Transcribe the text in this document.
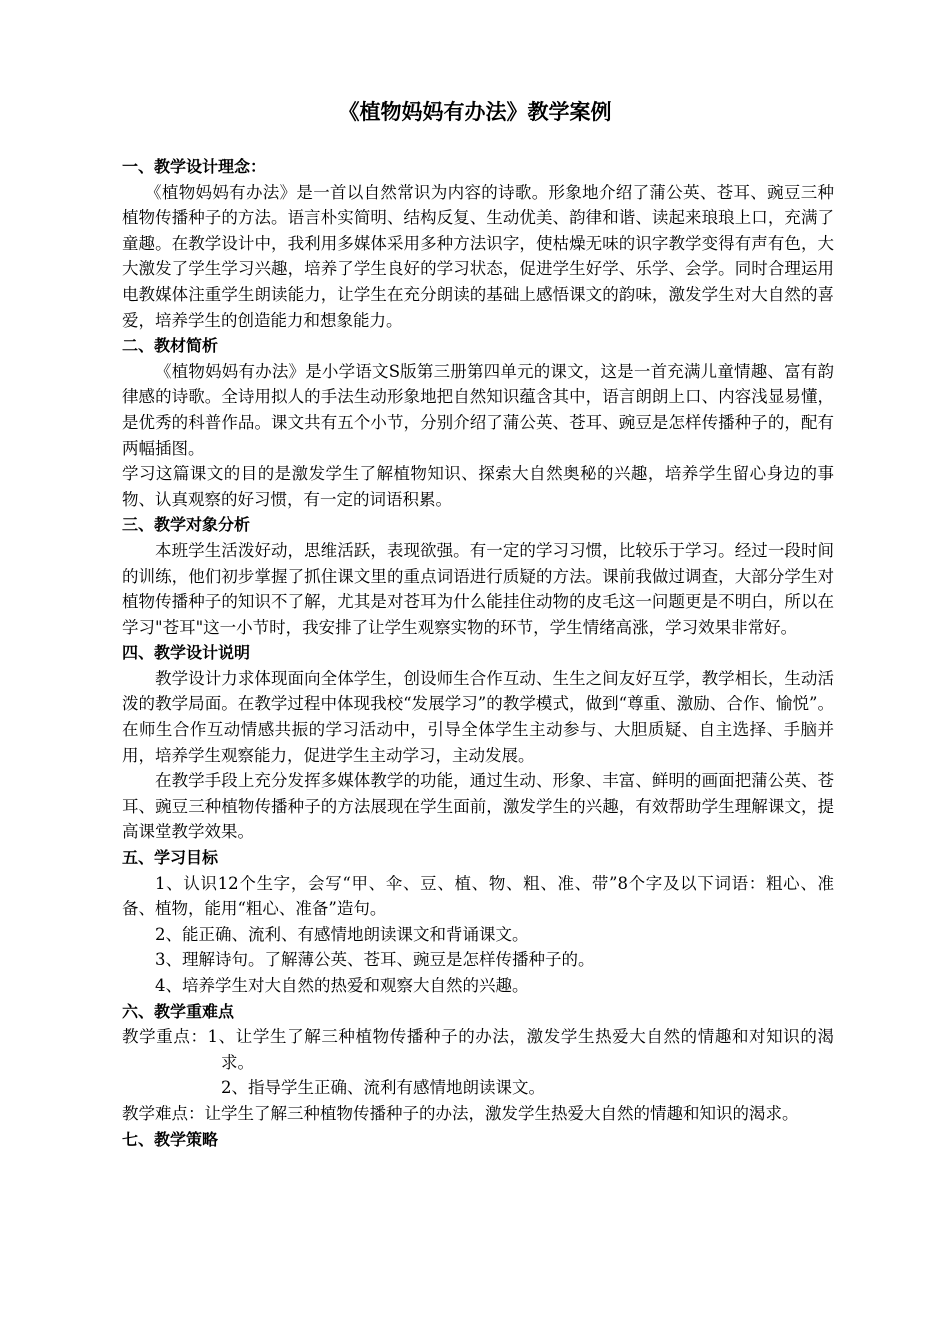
《植物妈妈有办法》教学案例
一、教学设计理念：

《植物妈妈有办法》是一首以自然常识为内容的诗歌。形象地介绍了蒲公英、苍耳、豌豆三种植物传播种子的方法。语言朴实简明、结构反复、生动优美、韵律和谐、读起来琅琅上口，充满了童趣。在教学设计中，我利用多媒体采用多种方法识字，使枯燥无味的识字教学变得有声有色，大大激发了学生学习兴趣，培养了学生良好的学习状态，促进学生好学、乐学、会学。同时合理运用电教媒体注重学生朗读能力，让学生在充分朗读的基础上感悟课文的韵味，激发学生对大自然的喜爱，培养学生的创造能力和想象能力。

二、教材简析

《植物妈妈有办法》是小学语文S版第三册第四单元的课文，这是一首充满儿童情趣、富有韵律感的诗歌。全诗用拟人的手法生动形象地把自然知识蕴含其中，语言朗朗上口、内容浅显易懂，是优秀的科普作品。课文共有五个小节，分别介绍了蒲公英、苍耳、豌豆是怎样传播种子的，配有两幅插图。

学习这篇课文的目的是激发学生了解植物知识、探索大自然奥秘的兴趣，培养学生留心身边的事物、认真观察的好习惯，有一定的词语积累。

三、教学对象分析

本班学生活泼好动，思维活跃，表现欲强。有一定的学习习惯，比较乐于学习。经过一段时间的训练，他们初步掌握了抓住课文里的重点词语进行质疑的方法。课前我做过调查，大部分学生对植物传播种子的知识不了解，尤其是对苍耳为什么能挂住动物的皮毛这一问题更是不明白，所以在学习"苍耳"这一小节时，我安排了让学生观察实物的环节，学生情绪高涨，学习效果非常好。

四、教学设计说明

教学设计力求体现面向全体学生，创设师生合作互动、生生之间友好互学，教学相长，生动活泼的教学局面。在教学过程中体现我校“发展学习”的教学模式，做到“尊重、激励、合作、愉悦”。在师生合作互动情感共振的学习活动中，引导全体学生主动参与、大胆质疑、自主选择、手脑并用，培养学生观察能力，促进学生主动学习，主动发展。

在教学手段上充分发挥多媒体教学的功能，通过生动、形象、丰富、鲜明的画面把蒲公英、苍耳、豌豆三种植物传播种子的方法展现在学生面前，激发学生的兴趣，有效帮助学生理解课文，提高课堂教学效果。

五、学习目标

1、认识12个生字，会写“甲、伞、豆、植、物、粗、准、带”8个字及以下词语：粗心、准备、植物，能用“粗心、准备”造句。

2、能正确、流利、有感情地朗读课文和背诵课文。

3、理解诗句。了解薄公英、苍耳、豌豆是怎样传播种子的。

4、培养学生对大自然的热爱和观察大自然的兴趣。

六、教学重难点

教学重点：1、让学生了解三种植物传播种子的办法，激发学生热爱大自然的情趣和对知识的渴求。

2、指导学生正确、流利有感情地朗读课文。

教学难点：让学生了解三种植物传播种子的办法，激发学生热爱大自然的情趣和知识的渴求。

七、教学策略
